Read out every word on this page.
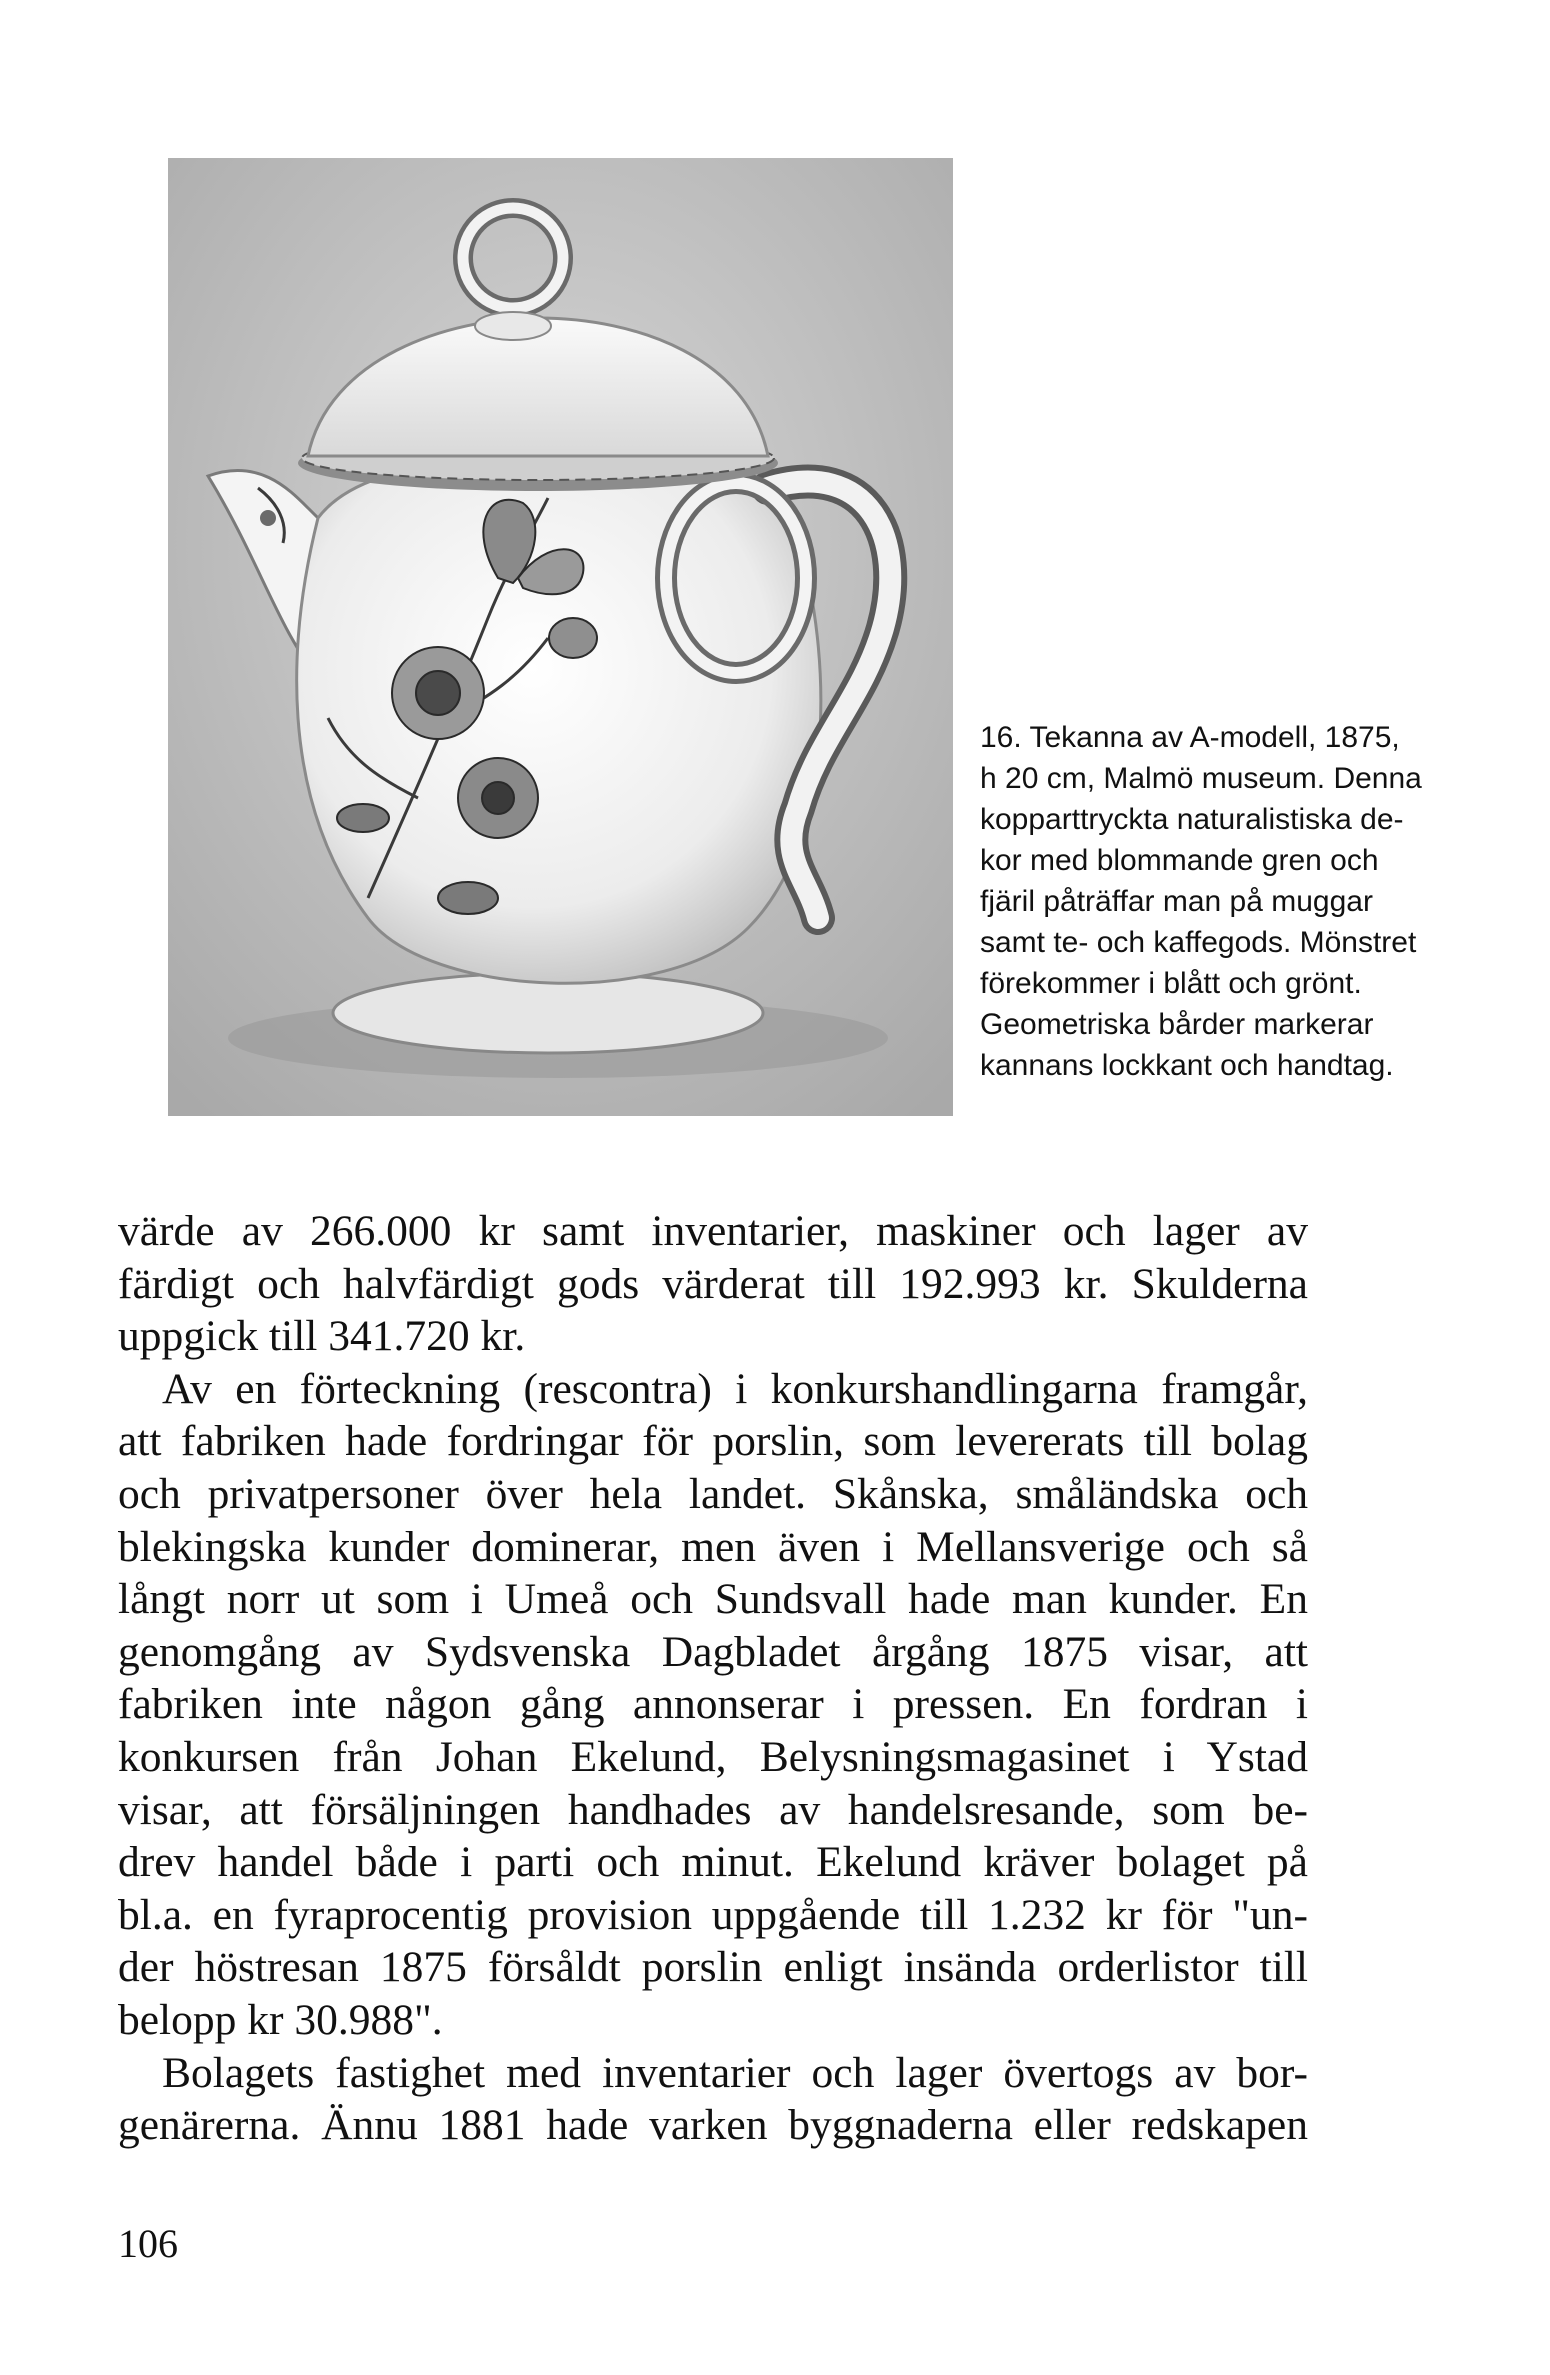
16. Tekanna av A-modell, 1875,
h 20 cm, Malmö museum. Denna
kopparttryckta naturalistiska de-
kor med blommande gren och
fjäril påträffar man på muggar
samt te- och kaffegods. Mönstret
förekommer i blått och grönt.
Geometriska bårder markerar
kannans lockkant och handtag.
värde av 266.000 kr samt inventarier, maskiner och lager av
färdigt och halvfärdigt gods värderat till 192.993 kr. Skulderna
uppgick till 341.720 kr.
Av en förteckning (rescontra) i konkurshandlingarna framgår,
att fabriken hade fordringar för porslin, som levererats till bolag
och privatpersoner över hela landet. Skånska, småländska och
blekingska kunder dominerar, men även i Mellansverige och så
långt norr ut som i Umeå och Sundsvall hade man kunder. En
genomgång av Sydsvenska Dagbladet årgång 1875 visar, att
fabriken inte någon gång annonserar i pressen. En fordran i
konkursen från Johan Ekelund, Belysningsmagasinet i Ystad
visar, att försäljningen handhades av handelsresande, som be-
drev handel både i parti och minut. Ekelund kräver bolaget på
bl.a. en fyraprocentig provision uppgående till 1.232 kr för "un-
der höstresan 1875 försåldt porslin enligt insända orderlistor till
belopp kr 30.988".
Bolagets fastighet med inventarier och lager övertogs av bor-
genärerna. Ännu 1881 hade varken byggnaderna eller redskapen
106
